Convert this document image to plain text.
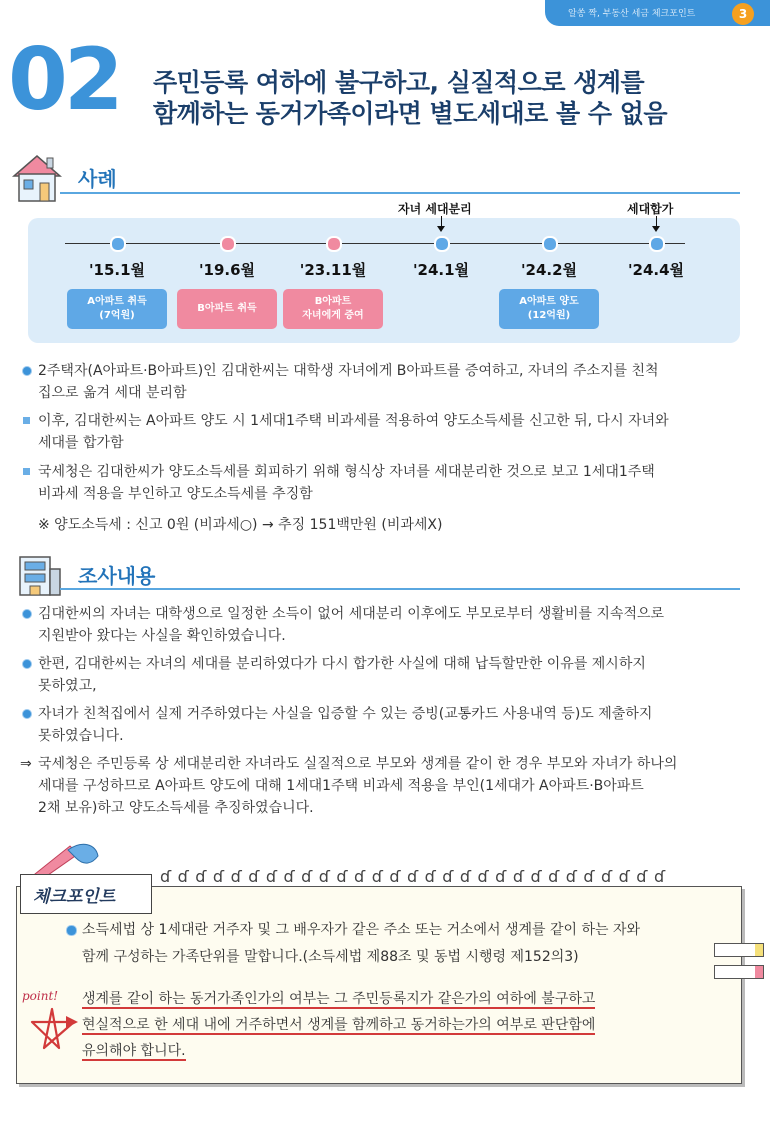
알쏭 짝, 부동산 세금 체크포인트	3
02 주민등록 여하에 불구하고, 실질적으로 생계를
함께하는 동거가족이라면 별도세대로 볼 수 없음
사례
'15.1월
A아파트 취득
(7억원)
'19.6월
B아파트 취득
'23.11월
B아파트
자녀에게 증여
'24.1월	'24.2월
A아파트 양도
(12억원)
'24.4월
자녀 세대분리	세대합가
2주택자(A아파트·B아파트)인 김대한씨는 대학생 자녀에게 B아파트를 증여하고, 자녀의 주소지를 친척
집으로 옮겨 세대 분리함
이후, 김대한씨는 A아파트 양도 시 1세대1주택 비과세를 적용하여 양도소득세를 신고한 뒤, 다시 자녀와
세대를 합가함
국세청은 김대한씨가 양도소득세를 회피하기 위해 형식상 자녀를 세대분리한 것으로 보고 1세대1주택
비과세 적용을 부인하고 양도소득세를 추징함
※ 양도소득세 : 신고 0원 (비과세○) → 추징 151백만원 (비과세X)
조사내용
김대한씨의 자녀는 대학생으로 일정한 소득이 없어 세대분리 이후에도 부모로부터 생활비를 지속적으로
지원받아 왔다는 사실을 확인하였습니다.
한편, 김대한씨는 자녀의 세대를 분리하였다가 다시 합가한 사실에 대해 납득할만한 이유를 제시하지
못하였고,
자녀가 친척집에서 실제 거주하였다는 사실을 입증할 수 있는 증빙(교통카드 사용내역 등)도 제출하지
못하였습니다.
⇒ 국세청은 주민등록 상 세대분리한 자녀라도 실질적으로 부모와 생계를 같이 한 경우 부모와 자녀가 하나의
세대를 구성하므로 A아파트 양도에 대해 1세대1주택 비과세 적용을 부인(1세대가 A아파트·B아파트
2채 보유)하고 양도소득세를 추징하였습니다.
ɗɗɗɗɗɗɗɗɗɗɗɗɗɗɗɗɗɗɗɗɗɗɗɗɗɗɗɗɗ
체크포인트
소득세법 상 1세대란 거주자 및 그 배우자가 같은 주소 또는 거소에서 생계를 같이 하는 자와
함께 구성하는 가족단위를 말합니다.(소득세법 제88조 및 동법 시행령 제152의3)
point! 생계를 같이 하는 동거가족인가의 여부는 그 주민등록지가 같은가의 여하에 불구하고
현실적으로 한 세대 내에 거주하면서 생계를 함께하고 동거하는가의 여부로 판단함에
유의해야 합니다.
